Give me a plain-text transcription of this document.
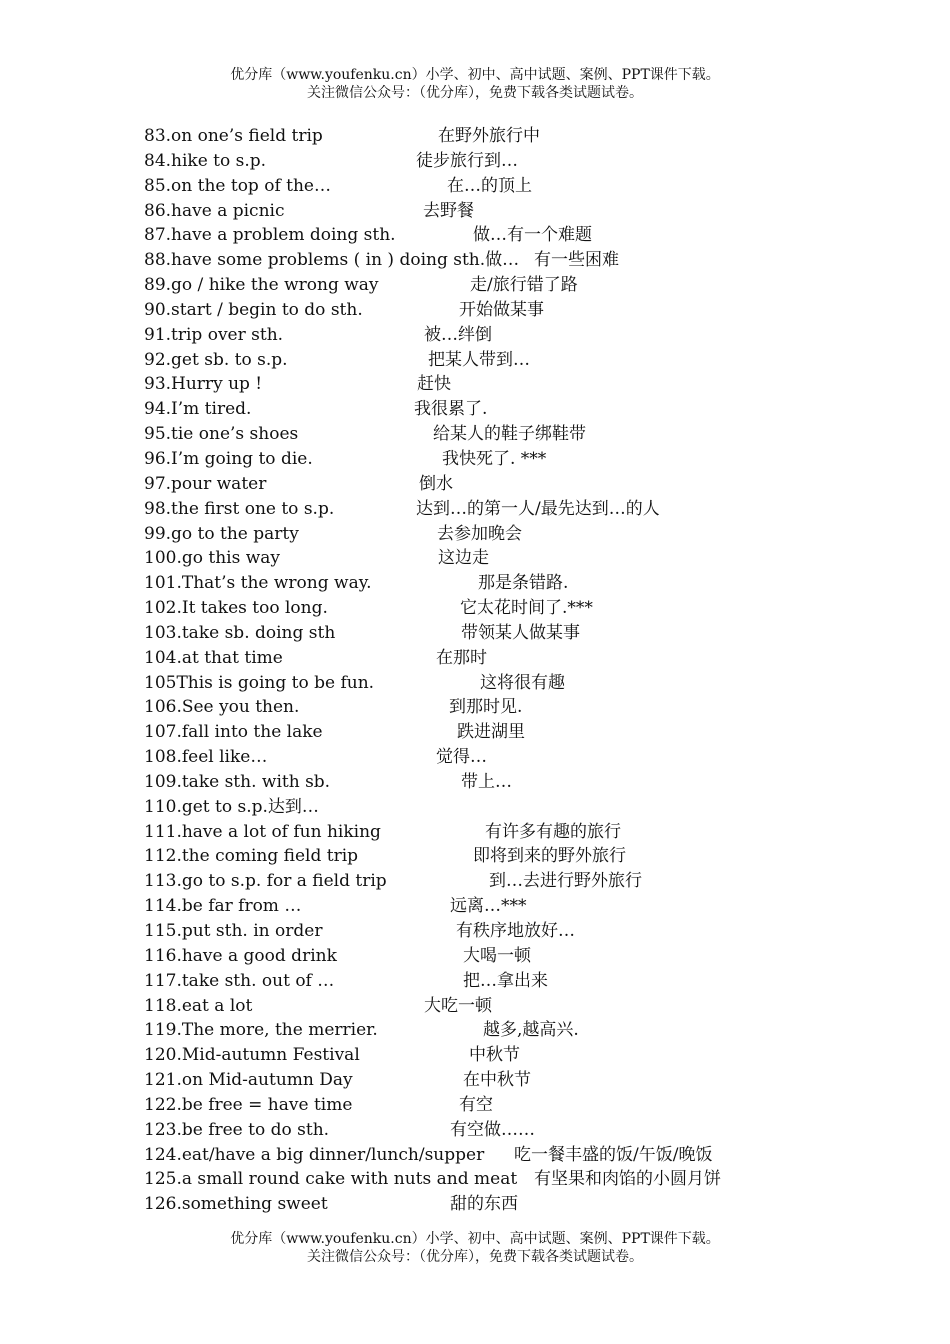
优分库（www.youfenku.cn）小学、初中、高中试题、案例、PPT课件下载。
关注微信公众号：（优分库），免费下载各类试题试卷。
83.on one’s field trip	在野外旅行中
84.hike to s.p.	徒步旅行到…
85.on the top of the…	在…的顶上
86.have a picnic	去野餐
87.have a problem doing sth.	做…有一个难题
88.have some problems ( in ) doing sth.做… 有一些困难
89.go / hike the wrong way	走/旅行错了路
90.start / begin to do sth.	开始做某事
91.trip over sth.	被…绊倒
92.get sb. to s.p.	把某人带到…
93.Hurry up !	赶快
94.I’m tired.	我很累了.
95.tie one’s shoes	给某人的鞋子绑鞋带
96.I’m going to die.	我快死了. ***
97.pour water	倒水
98.the first one to s.p.	达到…的第一人/最先达到…的人
99.go to the party	去参加晚会
100.go this way	这边走
101.That’s the wrong way.	那是条错路.
102.It takes too long.	它太花时间了.***
103.take sb. doing sth	带领某人做某事
104.at that time	在那时
105This is going to be fun.	这将很有趣
106.See you then.	到那时见.
107.fall into the lake	跌进湖里
108.feel like…	觉得…
109.take sth. with sb.	带上…
110.get to s.p.达到…
111.have a lot of fun hiking	有许多有趣的旅行
112.the coming field trip	即将到来的野外旅行
113.go to s.p. for a field trip	到…去进行野外旅行
114.be far from …	远离…***
115.put sth. in order	有秩序地放好…
116.have a good drink	大喝一顿
117.take sth. out of …	把…拿出来
118.eat a lot	大吃一顿
119.The more, the merrier.	越多,越高兴.
120.Mid-autumn Festival	中秋节
121.on Mid-autumn Day	在中秋节
122.be free = have time	有空
123.be free to do sth.	有空做……
124.eat/have a big dinner/lunch/supper 吃一餐丰盛的饭/午饭/晚饭
125.a small round cake with nuts and meat 有坚果和肉馅的小圆月饼
126.something sweet	甜的东西
优分库（www.youfenku.cn）小学、初中、高中试题、案例、PPT课件下载。
关注微信公众号：（优分库），免费下载各类试题试卷。
